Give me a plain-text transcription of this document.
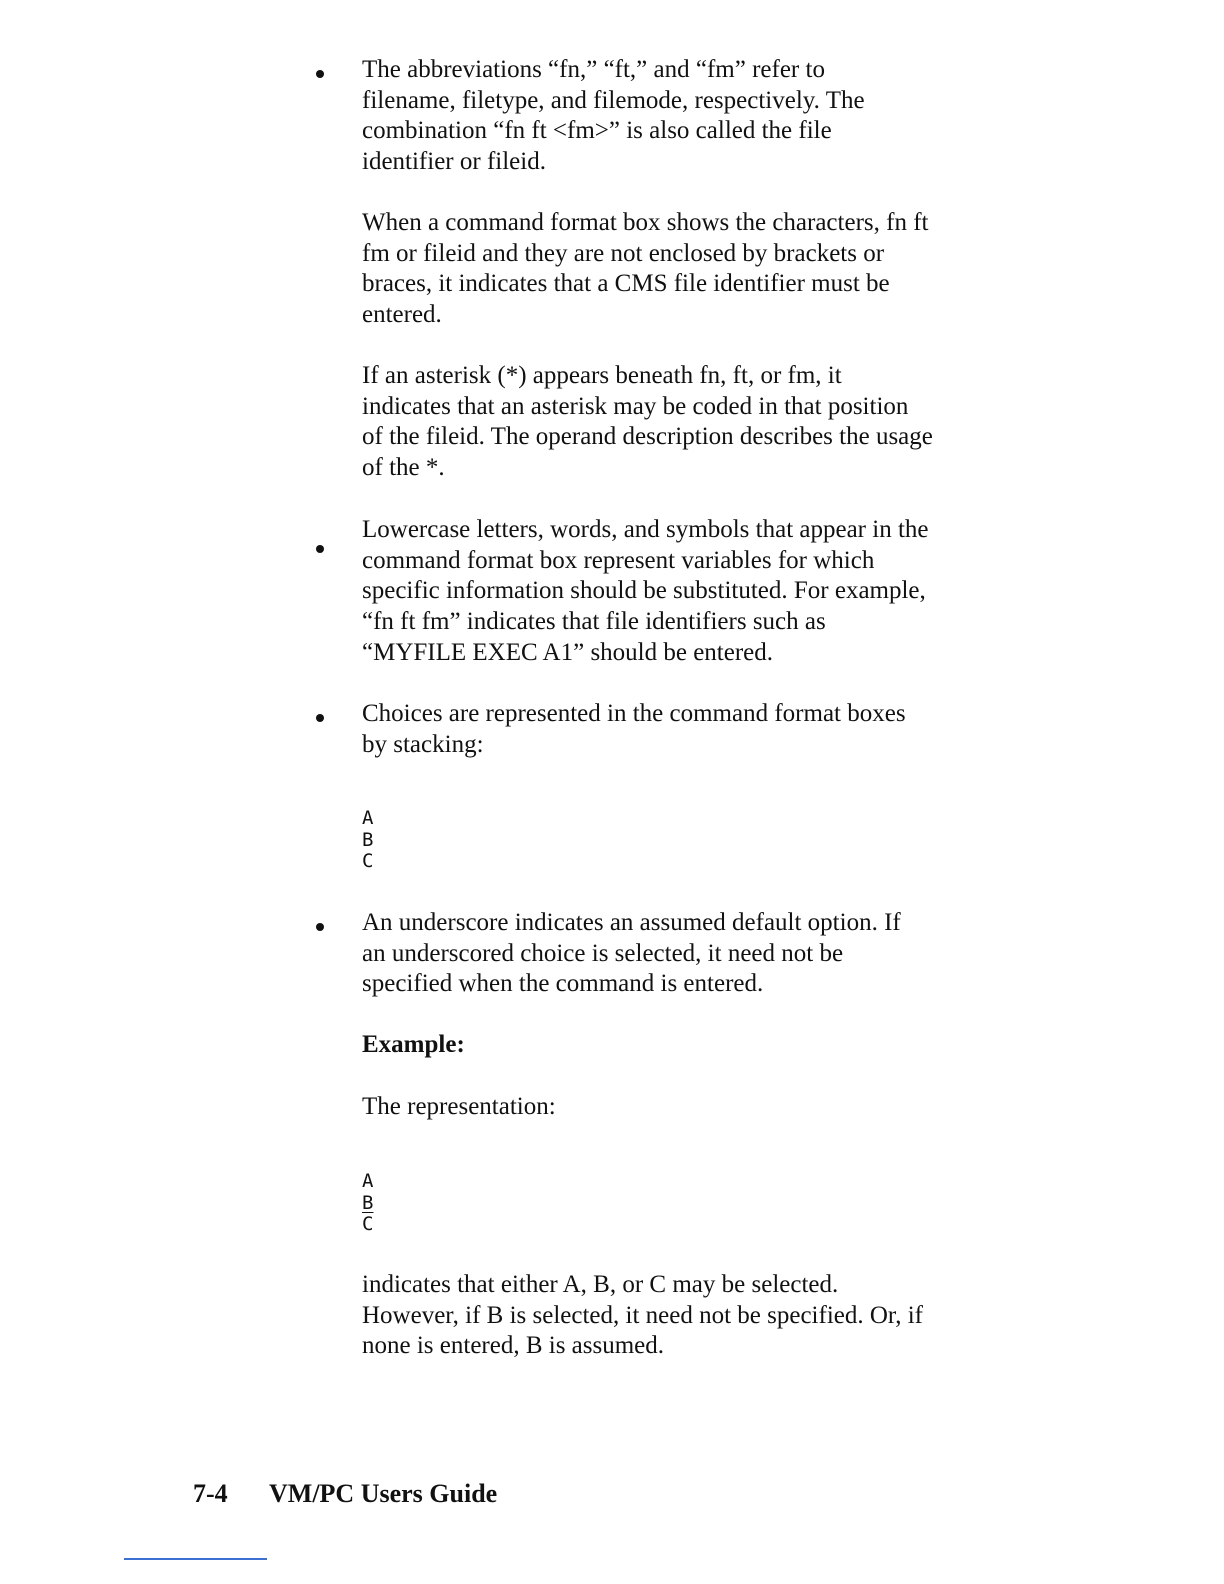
The abbreviations “fn,” “ft,” and “fm” refer to
filename, filetype, and filemode, respectively. The
combination “fn ft <fm>” is also called the file
identifier or fileid.

When a command format box shows the characters, fn ft
fm or fileid and they are not enclosed by brackets or
braces, it indicates that a CMS file identifier must be
entered.

If an asterisk (*) appears beneath fn, ft, or fm, it
indicates that an asterisk may be coded in that position
of the fileid. The operand description describes the usage
of the *.

Lowercase letters, words, and symbols that appear in the
command format box represent variables for which
specific information should be substituted. For example,
“fn ft fm” indicates that file identifiers such as
“MYFILE EXEC A1” should be entered.

Choices are represented in the command format boxes
by stacking:

A
B
C

An underscore indicates an assumed default option. If
an underscored choice is selected, it need not be
specified when the command is entered.

Example:

The representation:

A
B
C

indicates that either A, B, or C may be selected.
However, if B is selected, it need not be specified. Or, if
none is entered, B is assumed.

7-4 VM/PC Users Guide
